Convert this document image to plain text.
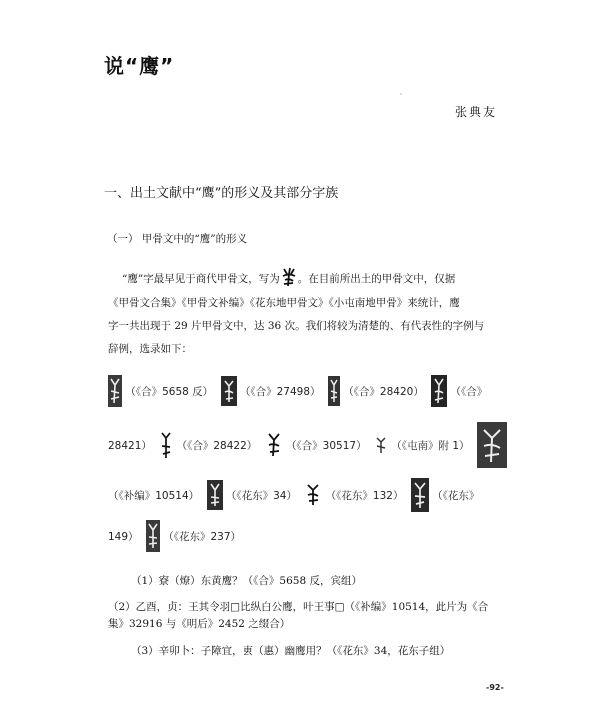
说“鹰”
张典友
一、出土文献中“鹰”的形义及其部分字族
（一） 甲骨文中的“鹰”的形义
“鹰”字最早见于商代甲骨文，写为 。在目前所出土的甲骨文中，仅据
《甲骨文合集》《甲骨文补编》《花东地甲骨文》《小屯南地甲骨》来统计，鹰
字一共出现于 29 片甲骨文中，达 36 次。我们将较为清楚的、有代表性的字例与
辞例，选录如下：
（《合》5658 反）	（《合》27498） （《合》28420）	（《合》
28421） （《合》28422）	（《合》30517） （《屯南》附 1）
（《补编》10514）	（《花东》34）	（《花东》132）	（《花东》
149） （《花东》237）
（1）寮（燎）东黄鹰？（《合》5658 反，宾组）
（2）乙酉，贞：王其令羽□比纵白公鹰，叶王事□（《补编》10514，此片为《合集》32916 与《明后》2452 之缀合）
（3）辛卯卜：子障宜，叀（惠）幽鹰用？（《花东》34，花东子组）
-92-
